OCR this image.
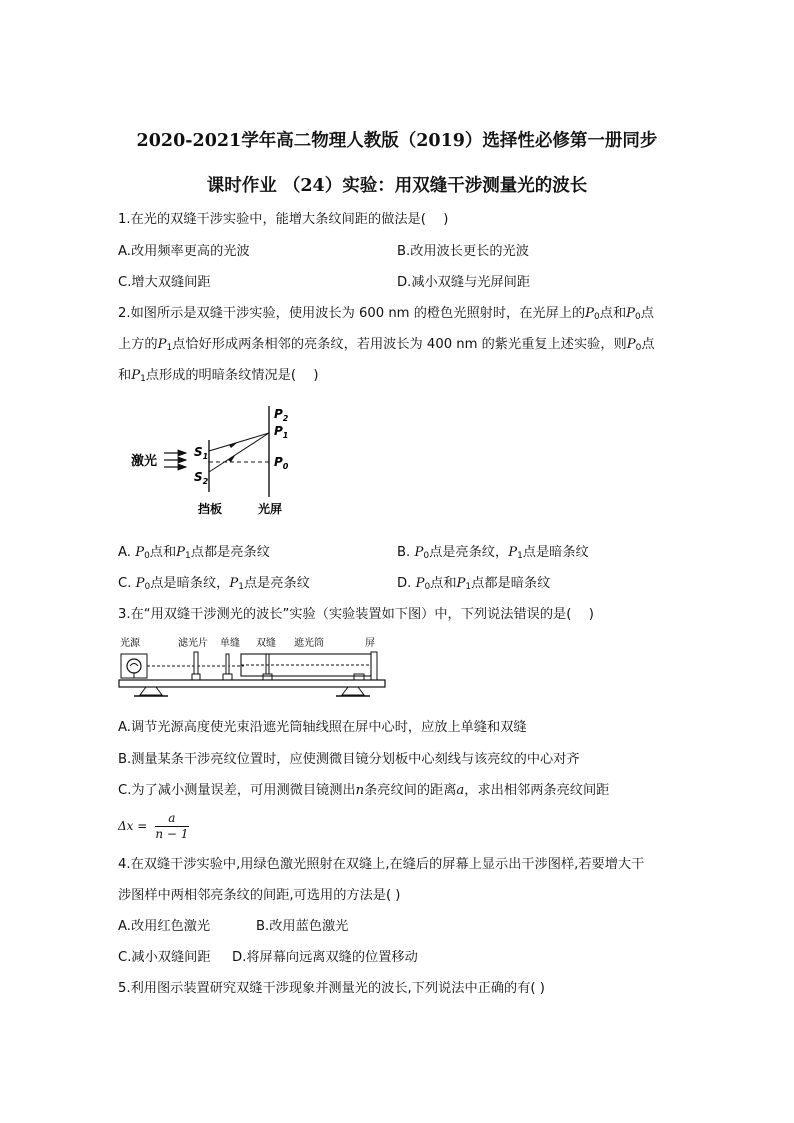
2020-2021学年高二物理人教版（2019）选择性必修第一册同步
课时作业 （24）实验：用双缝干涉测量光的波长
1.在光的双缝干涉实验中，能增大条纹间距的做法是(　 )
A.改用频率更高的光波	B.改用波长更长的光波
C.增大双缝间距	D.减小双缝与光屏间距
2.如图所示是双缝干涉实验，使用波长为 600 nm 的橙色光照射时，在光屏上的$P_0$点和$P_0$点
上方的$P_1$点恰好形成两条相邻的亮条纹，若用波长为 400 nm 的紫光重复上述实验，则$P_0$点
和$P_1$点形成的明暗条纹情况是(　 )
激光
$S_1$
$S_2$
$P_2$
$P_1$
$P_0$
挡板	光屏
A. $P_0$点和$P_1$点都是亮条纹	B. $P_0$点是亮条纹，$P_1$点是暗条纹
C. $P_0$点是暗条纹，$P_1$点是亮条纹	D. $P_0$点和$P_1$点都是暗条纹
3.在“用双缝干涉测光的波长”实验（实验装置如下图）中，下列说法错误的是(　 )
光源	滤光片 单缝 双缝 遮光筒	屏
A.调节光源高度使光束沿遮光筒轴线照在屏中心时，应放上单缝和双缝
B.测量某条干涉亮纹位置时，应使测微目镜分划板中心刻线与该亮纹的中心对齐
C.为了减小测量误差，可用测微目镜测出n条亮纹间的距离a，求出相邻两条亮纹间距
Δx =
a
n − 1
4.在双缝干涉实验中,用绿色激光照射在双缝上,在缝后的屏幕上显示出干涉图样,若要增大干
涉图样中两相邻亮条纹的间距,可选用的方法是( )
A.改用红色激光	B.改用蓝色激光
C.减小双缝间距 D.将屏幕向远离双缝的位置移动
5.利用图示装置研究双缝干涉现象并测量光的波长,下列说法中正确的有( )
